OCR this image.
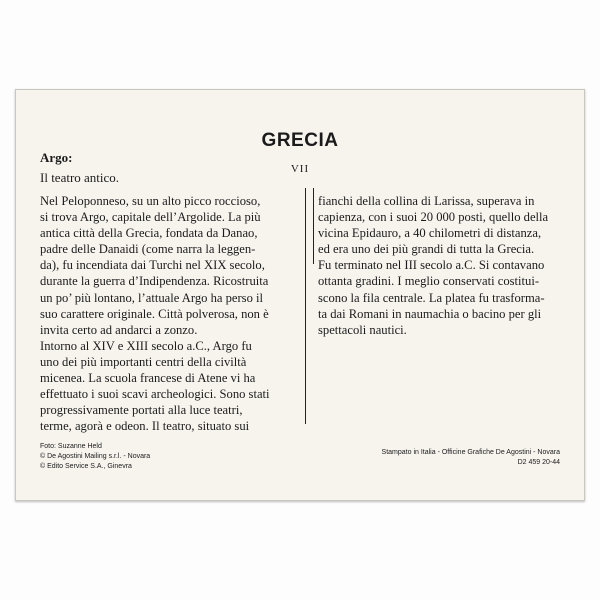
GRECIA
VII
Argo:
Il teatro antico.
Nel Peloponneso, su un alto picco roccioso,
si trova Argo, capitale dell’Argolide. La più
antica città della Grecia, fondata da Danao,
padre delle Danaidi (come narra la leggen-
da), fu incendiata dai Turchi nel XIX secolo,
durante la guerra d’Indipendenza. Ricostruita
un po’ più lontano, l’attuale Argo ha perso il
suo carattere originale. Città polverosa, non è
invita certo ad andarci a zonzo.
Intorno al XIV e XIII secolo a.C., Argo fu
uno dei più importanti centri della civiltà
micenea. La scuola francese di Atene vi ha
effettuato i suoi scavi archeologici. Sono stati
progressivamente portati alla luce teatri,
terme, agorà e odeon. Il teatro, situato sui
fianchi della collina di Larissa, superava in
capienza, con i suoi 20 000 posti, quello della
vicina Epidauro, a 40 chilometri di distanza,
ed era uno dei più grandi di tutta la Grecia.
Fu terminato nel III secolo a.C. Si contavano
ottanta gradini. I meglio conservati costitui-
scono la fila centrale. La platea fu trasforma-
ta dai Romani in naumachia o bacino per gli
spettacoli nautici.
Foto: Suzanne Held
© De Agostini Mailing s.r.l. - Novara
© Edito Service S.A., Ginevra
Stampato in Italia - Officine Grafiche De Agostini - Novara
D2 459 20-44
